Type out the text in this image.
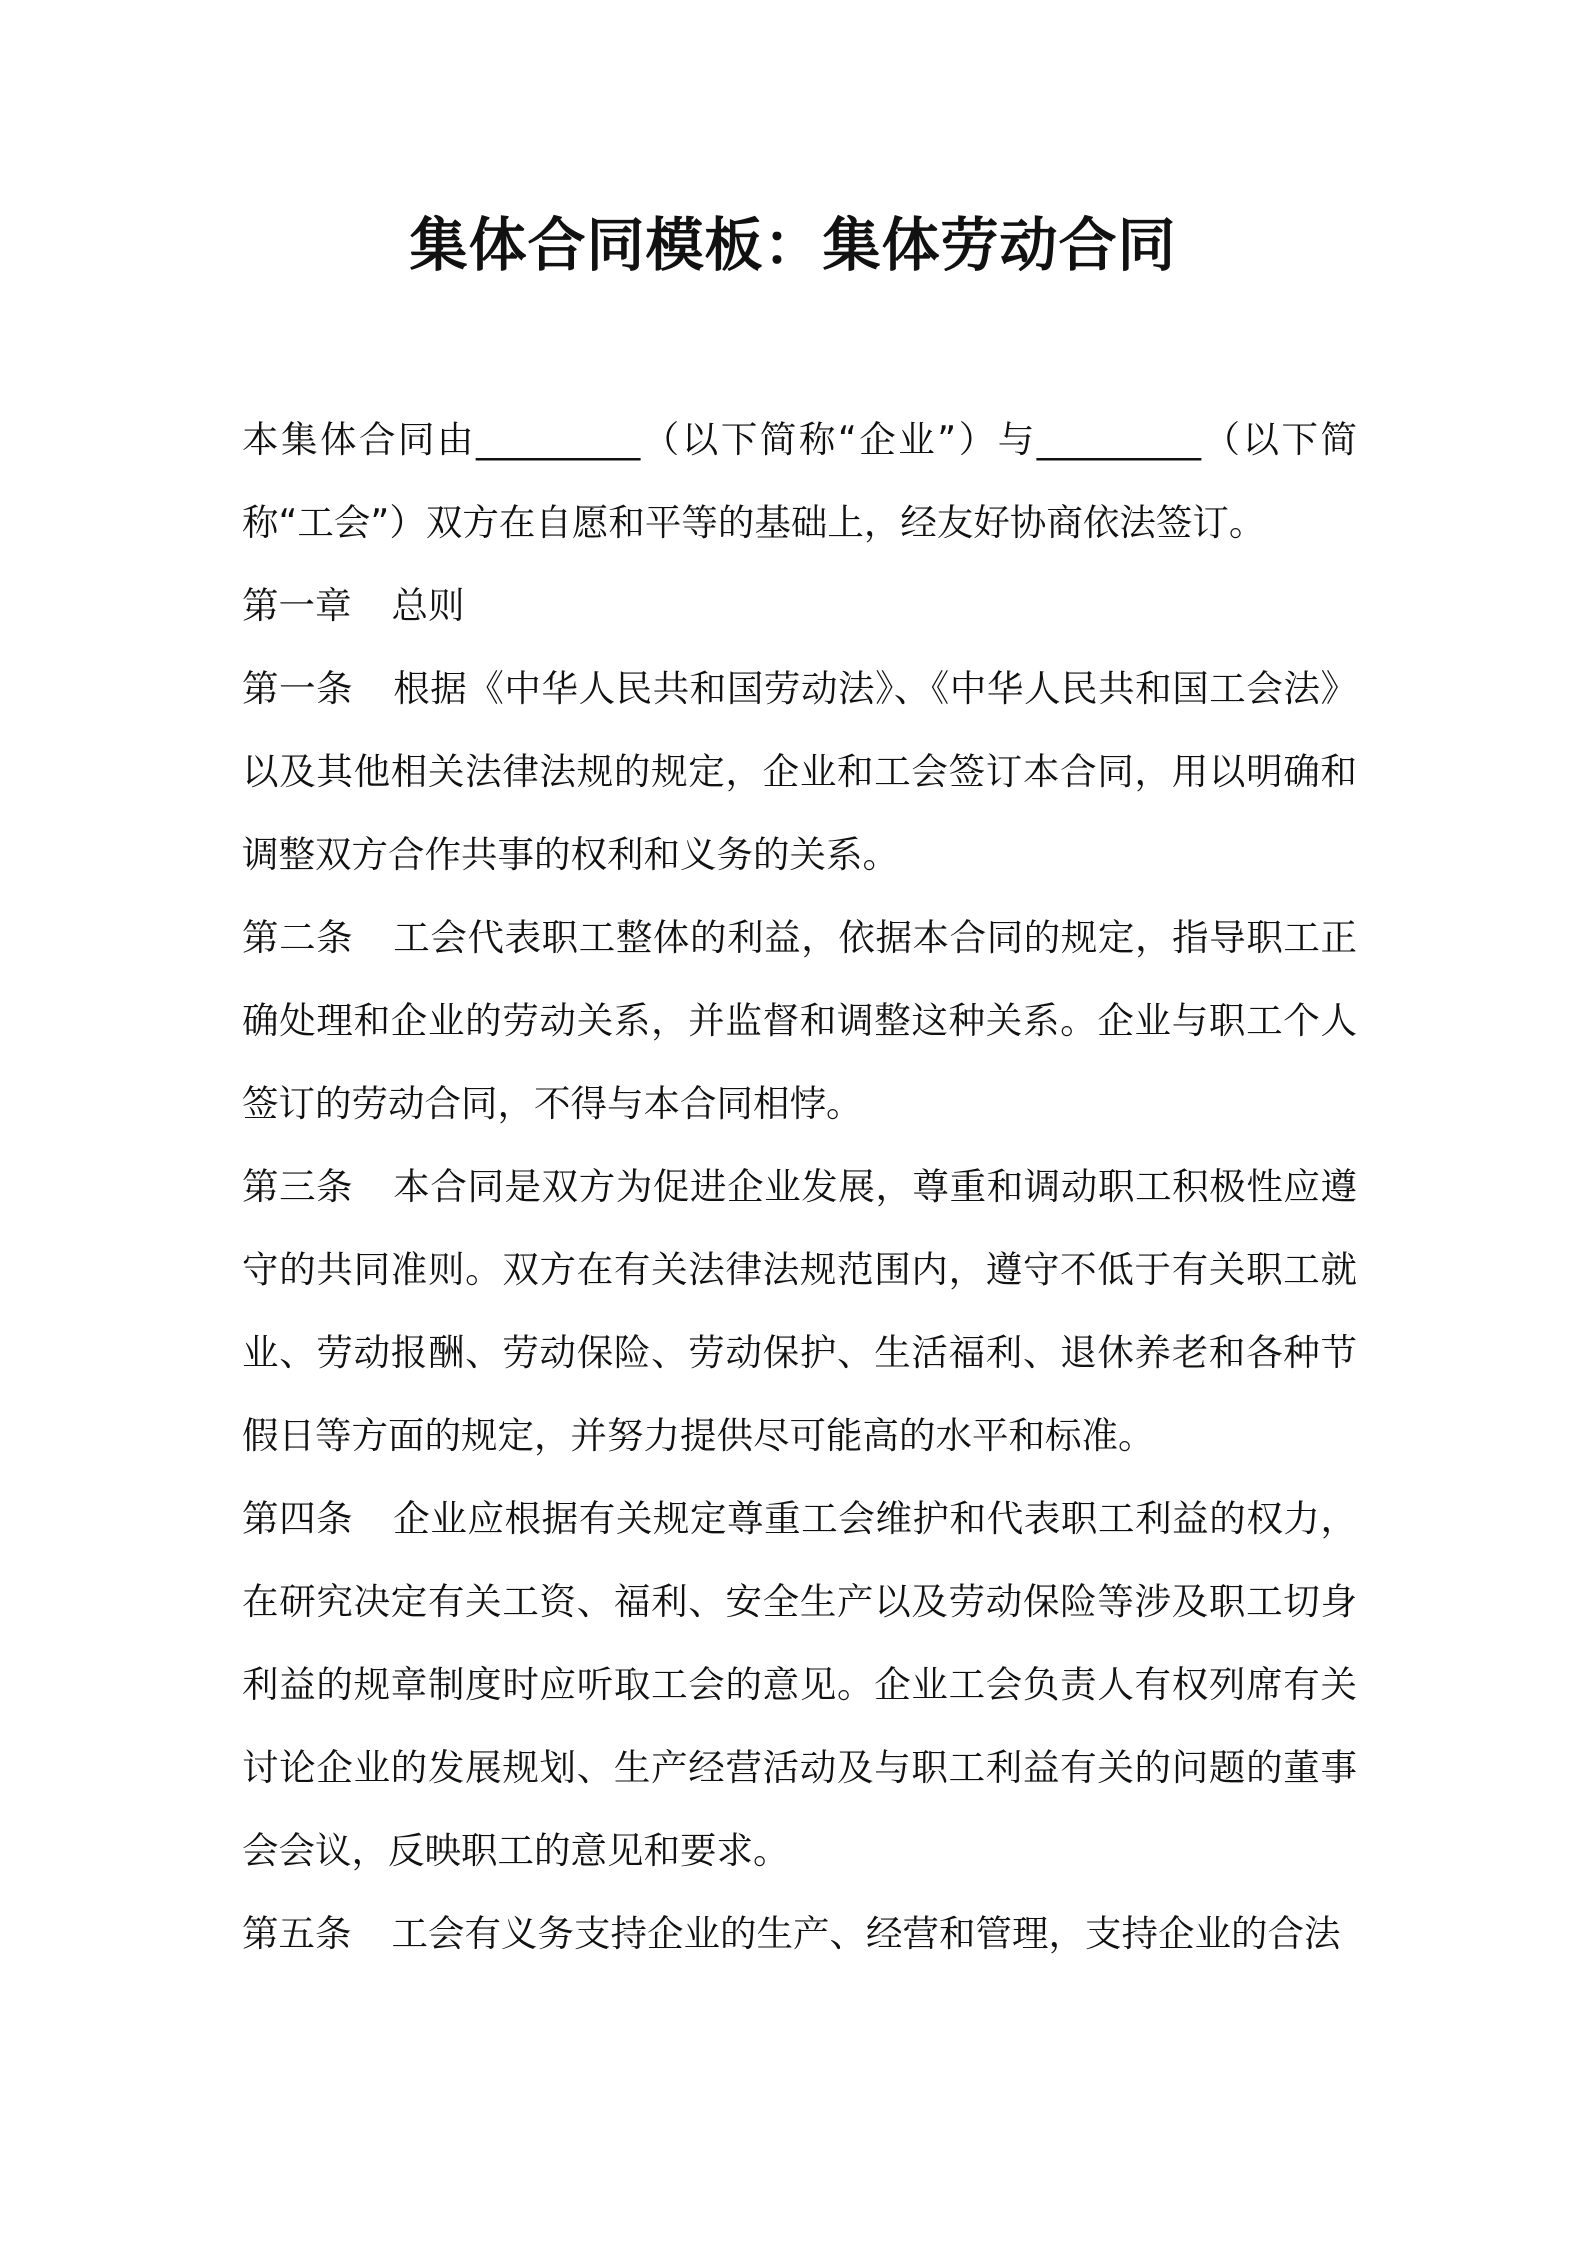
集体合同模板：集体劳动合同

本集体合同由_________（以下简称“企业”）与_________（以下简称“工会”）双方在自愿和平等的基础上，经友好协商依法签订。

第一章 总则

第一条 根据《中华人民共和国劳动法》、《中华人民共和国工会法》以及其他相关法律法规的规定，企业和工会签订本合同，用以明确和调整双方合作共事的权利和义务的关系。

第二条 工会代表职工整体的利益，依据本合同的规定，指导职工正确处理和企业的劳动关系，并监督和调整这种关系。企业与职工个人签订的劳动合同，不得与本合同相悖。

第三条 本合同是双方为促进企业发展，尊重和调动职工积极性应遵守的共同准则。双方在有关法律法规范围内，遵守不低于有关职工就业、劳动报酬、劳动保险、劳动保护、生活福利、退休养老和各种节假日等方面的规定，并努力提供尽可能高的水平和标准。

第四条 企业应根据有关规定尊重工会维护和代表职工利益的权力，在研究决定有关工资、福利、安全生产以及劳动保险等涉及职工切身利益的规章制度时应听取工会的意见。企业工会负责人有权列席有关讨论企业的发展规划、生产经营活动及与职工利益有关的问题的董事会会议，反映职工的意见和要求。

第五条 工会有义务支持企业的生产、经营和管理，支持企业的合法
